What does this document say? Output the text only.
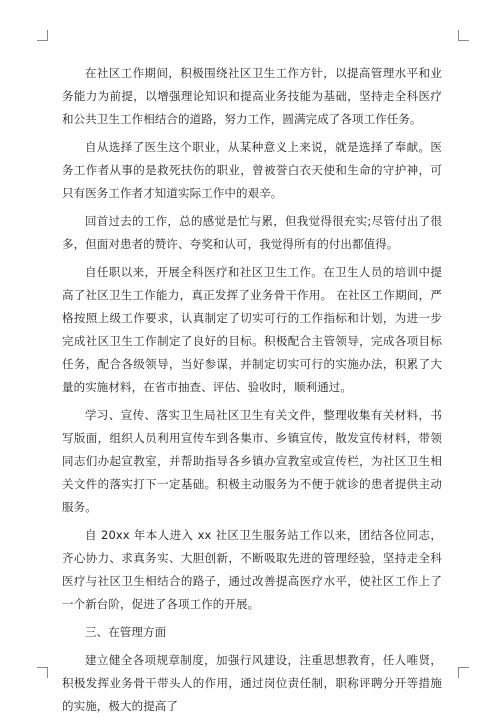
在社区工作期间，积极围绕社区卫生工作方针，以提高管理水平和业务能力为前提，以增强理论知识和提高业务技能为基础，坚持走全科医疗和公共卫生工作相结合的道路，努力工作，圆满完成了各项工作任务。

自从选择了医生这个职业，从某种意义上来说，就是选择了奉献。医务工作者从事的是救死扶伤的职业，曾被誉白衣天使和生命的守护神，可只有医务工作者才知道实际工作中的艰辛。

回首过去的工作，总的感觉是忙与累，但我觉得很充实;尽管付出了很多，但面对患者的赞许、夸奖和认可，我觉得所有的付出都值得。

自任职以来，开展全科医疗和社区卫生工作。在卫生人员的培训中提高了社区卫生工作能力，真正发挥了业务骨干作用。 在社区工作期间，严格按照上级工作要求，认真制定了切实可行的工作指标和计划，为进一步完成社区卫生工作制定了良好的目标。积极配合主管领导，完成各项目标任务，配合各级领导，当好参谋，并制定切实可行的实施办法，积累了大量的实施材料，在省市抽查、评估、验收时，顺利通过。

学习、宣传、落实卫生局社区卫生有关文件，整理收集有关材料，书写版面，组织人员利用宣传车到各集市、乡镇宣传，散发宣传材料，带领同志们办起宣教室，并帮助指导各乡镇办宣教室或宣传栏，为社区卫生相关文件的落实打下一定基础。积极主动服务为不便于就诊的患者提供主动服务。

自 20xx 年本人进入 xx 社区卫生服务站工作以来，团结各位同志，齐心协力、求真务实、大胆创新，不断吸取先进的管理经验，坚持走全科医疗与社区卫生相结合的路子，通过改善提高医疗水平，使社区工作上了一个新台阶，促进了各项工作的开展。

三、在管理方面

建立健全各项规章制度，加强行风建设，注重思想教育，任人唯贤，积极发挥业务骨干带头人的作用，通过岗位责任制，职称评聘分开等措施的实施，极大的提高了
